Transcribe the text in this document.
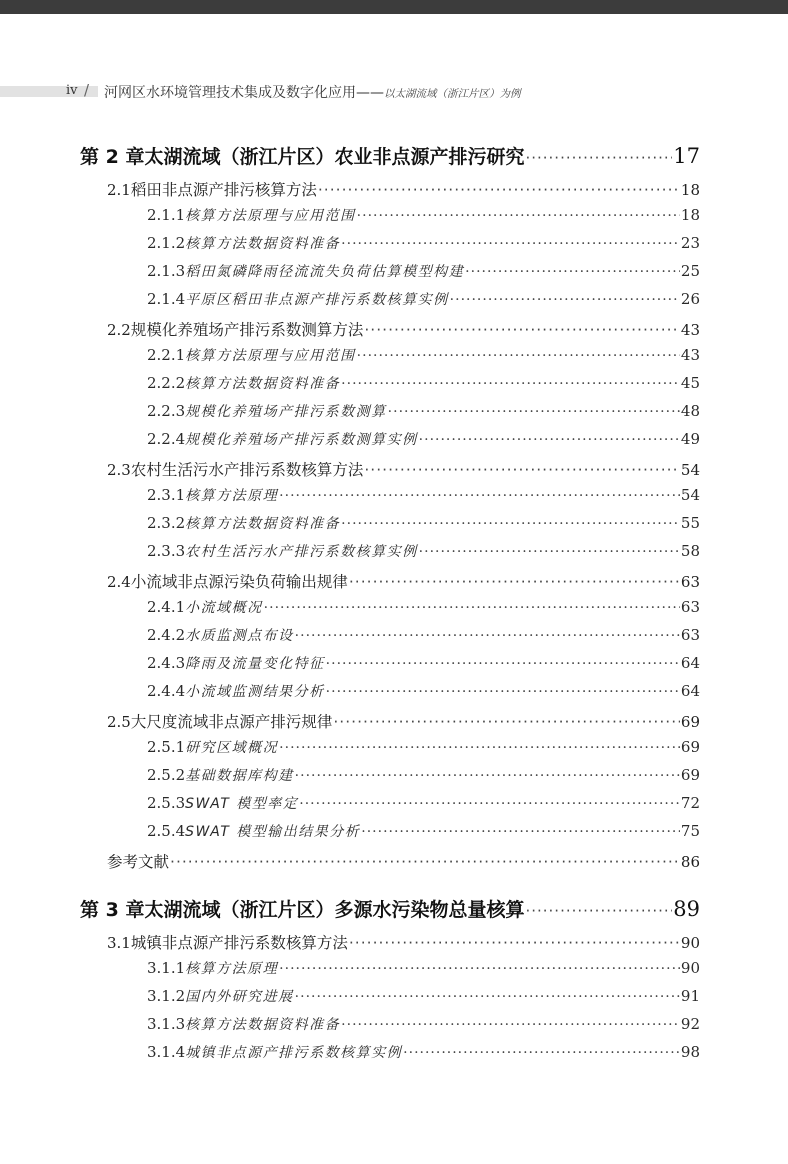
iv / 河网区水环境管理技术集成及数字化应用——以太湖流域（浙江片区）为例
第 2 章 太湖流域（浙江片区）农业非点源产排污研究 ·····	17
2.1 稻田非点源产排污核算方法 ·····	18
2.1.1 核算方法原理与应用范围 ·····	18
2.1.2 核算方法数据资料准备 ·····	23
2.1.3 稻田氮磷降雨径流流失负荷估算模型构建 ·····	25
2.1.4 平原区稻田非点源产排污系数核算实例 ·····	26
2.2 规模化养殖场产排污系数测算方法 ·····	43
2.2.1 核算方法原理与应用范围 ·····	43
2.2.2 核算方法数据资料准备 ·····	45
2.2.3 规模化养殖场产排污系数测算 ·····	48
2.2.4 规模化养殖场产排污系数测算实例 ·····	49
2.3 农村生活污水产排污系数核算方法 ·····	54
2.3.1 核算方法原理 ·····	54
2.3.2 核算方法数据资料准备 ·····	55
2.3.3 农村生活污水产排污系数核算实例 ·····	58
2.4 小流域非点源污染负荷输出规律 ·····	63
2.4.1 小流域概况 ·····	63
2.4.2 水质监测点布设 ·····	63
2.4.3 降雨及流量变化特征 ·····	64
2.4.4 小流域监测结果分析 ·····	64
2.5 大尺度流域非点源产排污规律 ·····	69
2.5.1 研究区域概况 ·····	69
2.5.2 基础数据库构建 ·····	69
2.5.3 SWAT 模型率定 ·····	72
2.5.4 SWAT 模型输出结果分析 ·····	75
参考文献 ·····	86
第 3 章 太湖流域（浙江片区）多源水污染物总量核算 ·····	89
3.1 城镇非点源产排污系数核算方法 ·····	90
3.1.1 核算方法原理 ·····	90
3.1.2 国内外研究进展 ·····	91
3.1.3 核算方法数据资料准备 ·····	92
3.1.4 城镇非点源产排污系数核算实例 ·····	98
